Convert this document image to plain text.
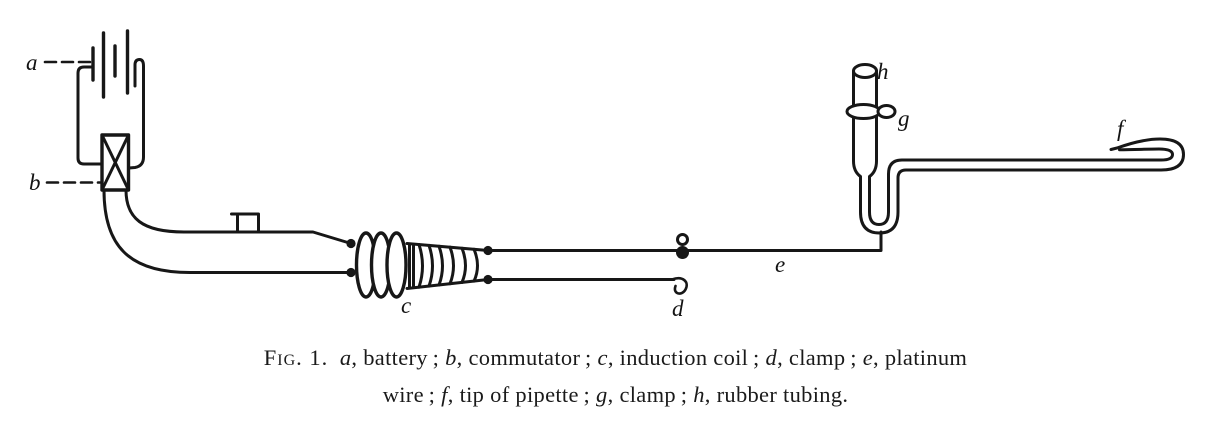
a
b
c	d
e
f
g
h
Fig. 1.  a, battery ; b, commutator ; c, induction coil ; d, clamp ; e, platinum
wire ; f, tip of pipette ; g, clamp ; h, rubber tubing.
